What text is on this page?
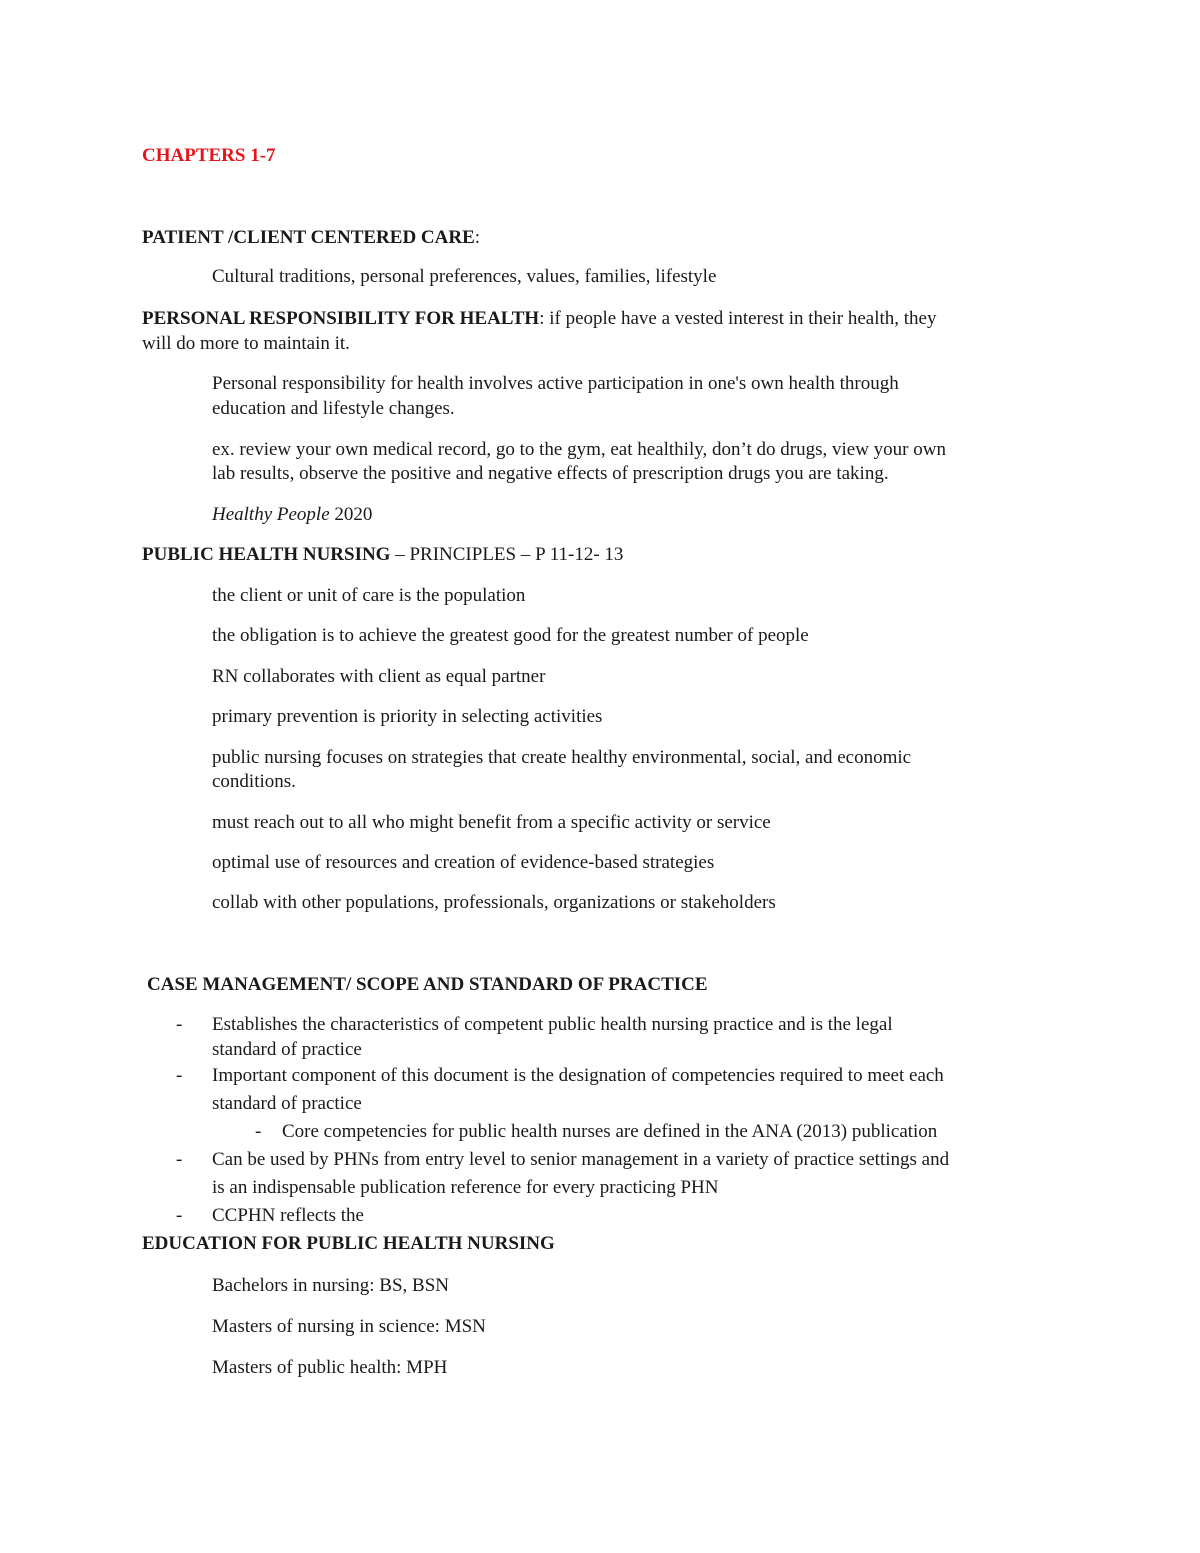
CHAPTERS 1-7
PATIENT /CLIENT CENTERED CARE:
Cultural traditions, personal preferences, values, families, lifestyle
PERSONAL RESPONSIBILITY FOR HEALTH: if people have a vested interest in their health, they
will do more to maintain it.
Personal responsibility for health involves active participation in one's own health through
education and lifestyle changes.
ex. review your own medical record, go to the gym, eat healthily, don’t do drugs, view your own
lab results, observe the positive and negative effects of prescription drugs you are taking.
Healthy People 2020
PUBLIC HEALTH NURSING – PRINCIPLES – P 11-12- 13
the client or unit of care is the population
the obligation is to achieve the greatest good for the greatest number of people
RN collaborates with client as equal partner
primary prevention is priority in selecting activities
public nursing focuses on strategies that create healthy environmental, social, and economic
conditions.
must reach out to all who might benefit from a specific activity or service
optimal use of resources and creation of evidence-based strategies
collab with other populations, professionals, organizations or stakeholders
CASE MANAGEMENT/ SCOPE AND STANDARD OF PRACTICE
- Establishes the characteristics of competent public health nursing practice and is the legal
standard of practice
- Important component of this document is the designation of competencies required to meet each
standard of practice
- Core competencies for public health nurses are defined in the ANA (2013) publication
- Can be used by PHNs from entry level to senior management in a variety of practice settings and
is an indispensable publication reference for every practicing PHN
- CCPHN reflects the
EDUCATION FOR PUBLIC HEALTH NURSING
Bachelors in nursing: BS, BSN
Masters of nursing in science: MSN
Masters of public health: MPH
